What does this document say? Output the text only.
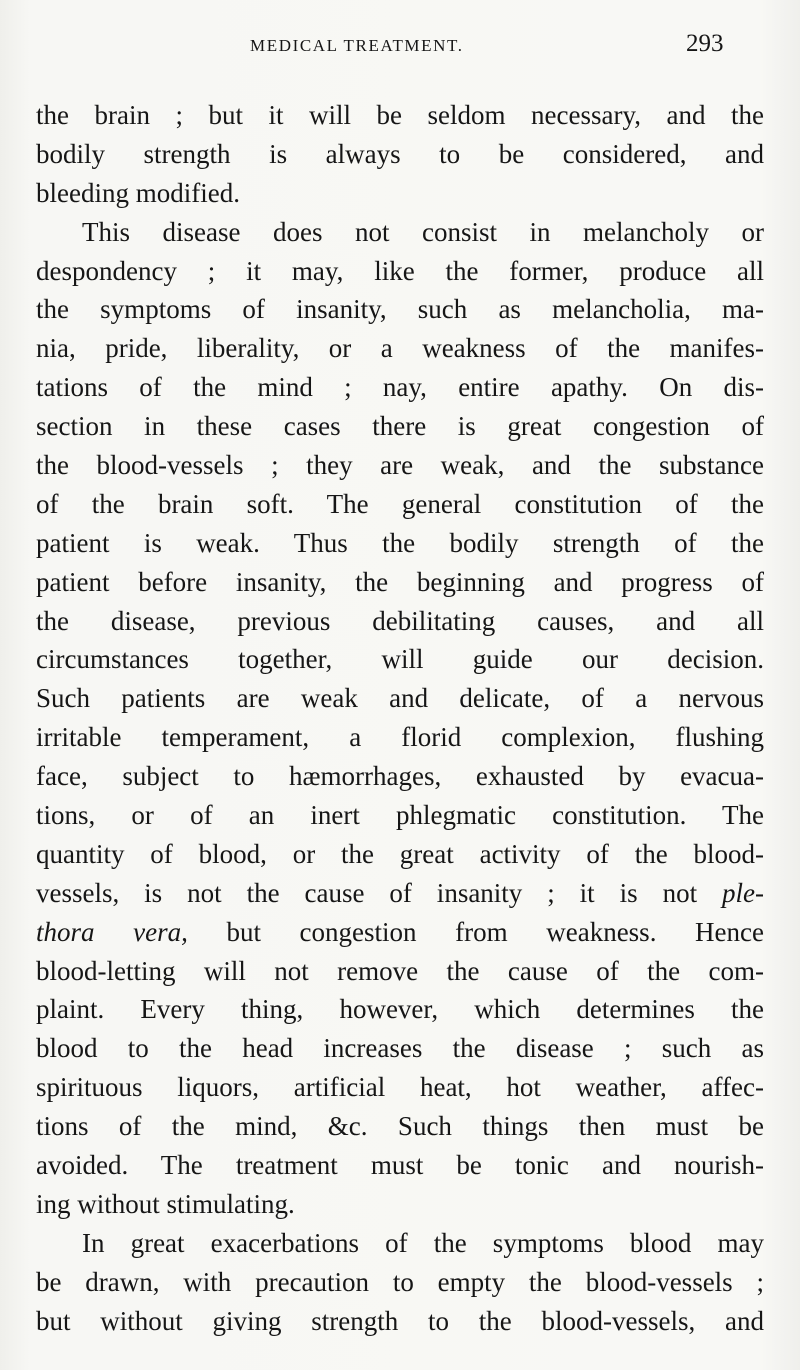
MEDICAL TREATMENT.	293
the brain ; but it will be seldom necessary, and the
bodily strength is always to be considered, and
bleeding modified.
This disease does not consist in melancholy or
despondency ; it may, like the former, produce all
the symptoms of insanity, such as melancholia, ma-
nia, pride, liberality, or a weakness of the manifes-
tations of the mind ; nay, entire apathy. On dis-
section in these cases there is great congestion of
the blood-vessels ; they are weak, and the substance
of the brain soft. The general constitution of the
patient is weak. Thus the bodily strength of the
patient before insanity, the beginning and progress of
the disease, previous debilitating causes, and all
circumstances together, will guide our decision.
Such patients are weak and delicate, of a nervous
irritable temperament, a florid complexion, flushing
face, subject to hæmorrhages, exhausted by evacua-
tions, or of an inert phlegmatic constitution. The
quantity of blood, or the great activity of the blood-
vessels, is not the cause of insanity ; it is not ple-
thora vera, but congestion from weakness. Hence
blood-letting will not remove the cause of the com-
plaint. Every thing, however, which determines the
blood to the head increases the disease ; such as
spirituous liquors, artificial heat, hot weather, affec-
tions of the mind, &c. Such things then must be
avoided. The treatment must be tonic and nourish-
ing without stimulating.
In great exacerbations of the symptoms blood may
be drawn, with precaution to empty the blood-vessels ;
but without giving strength to the blood-vessels, and
